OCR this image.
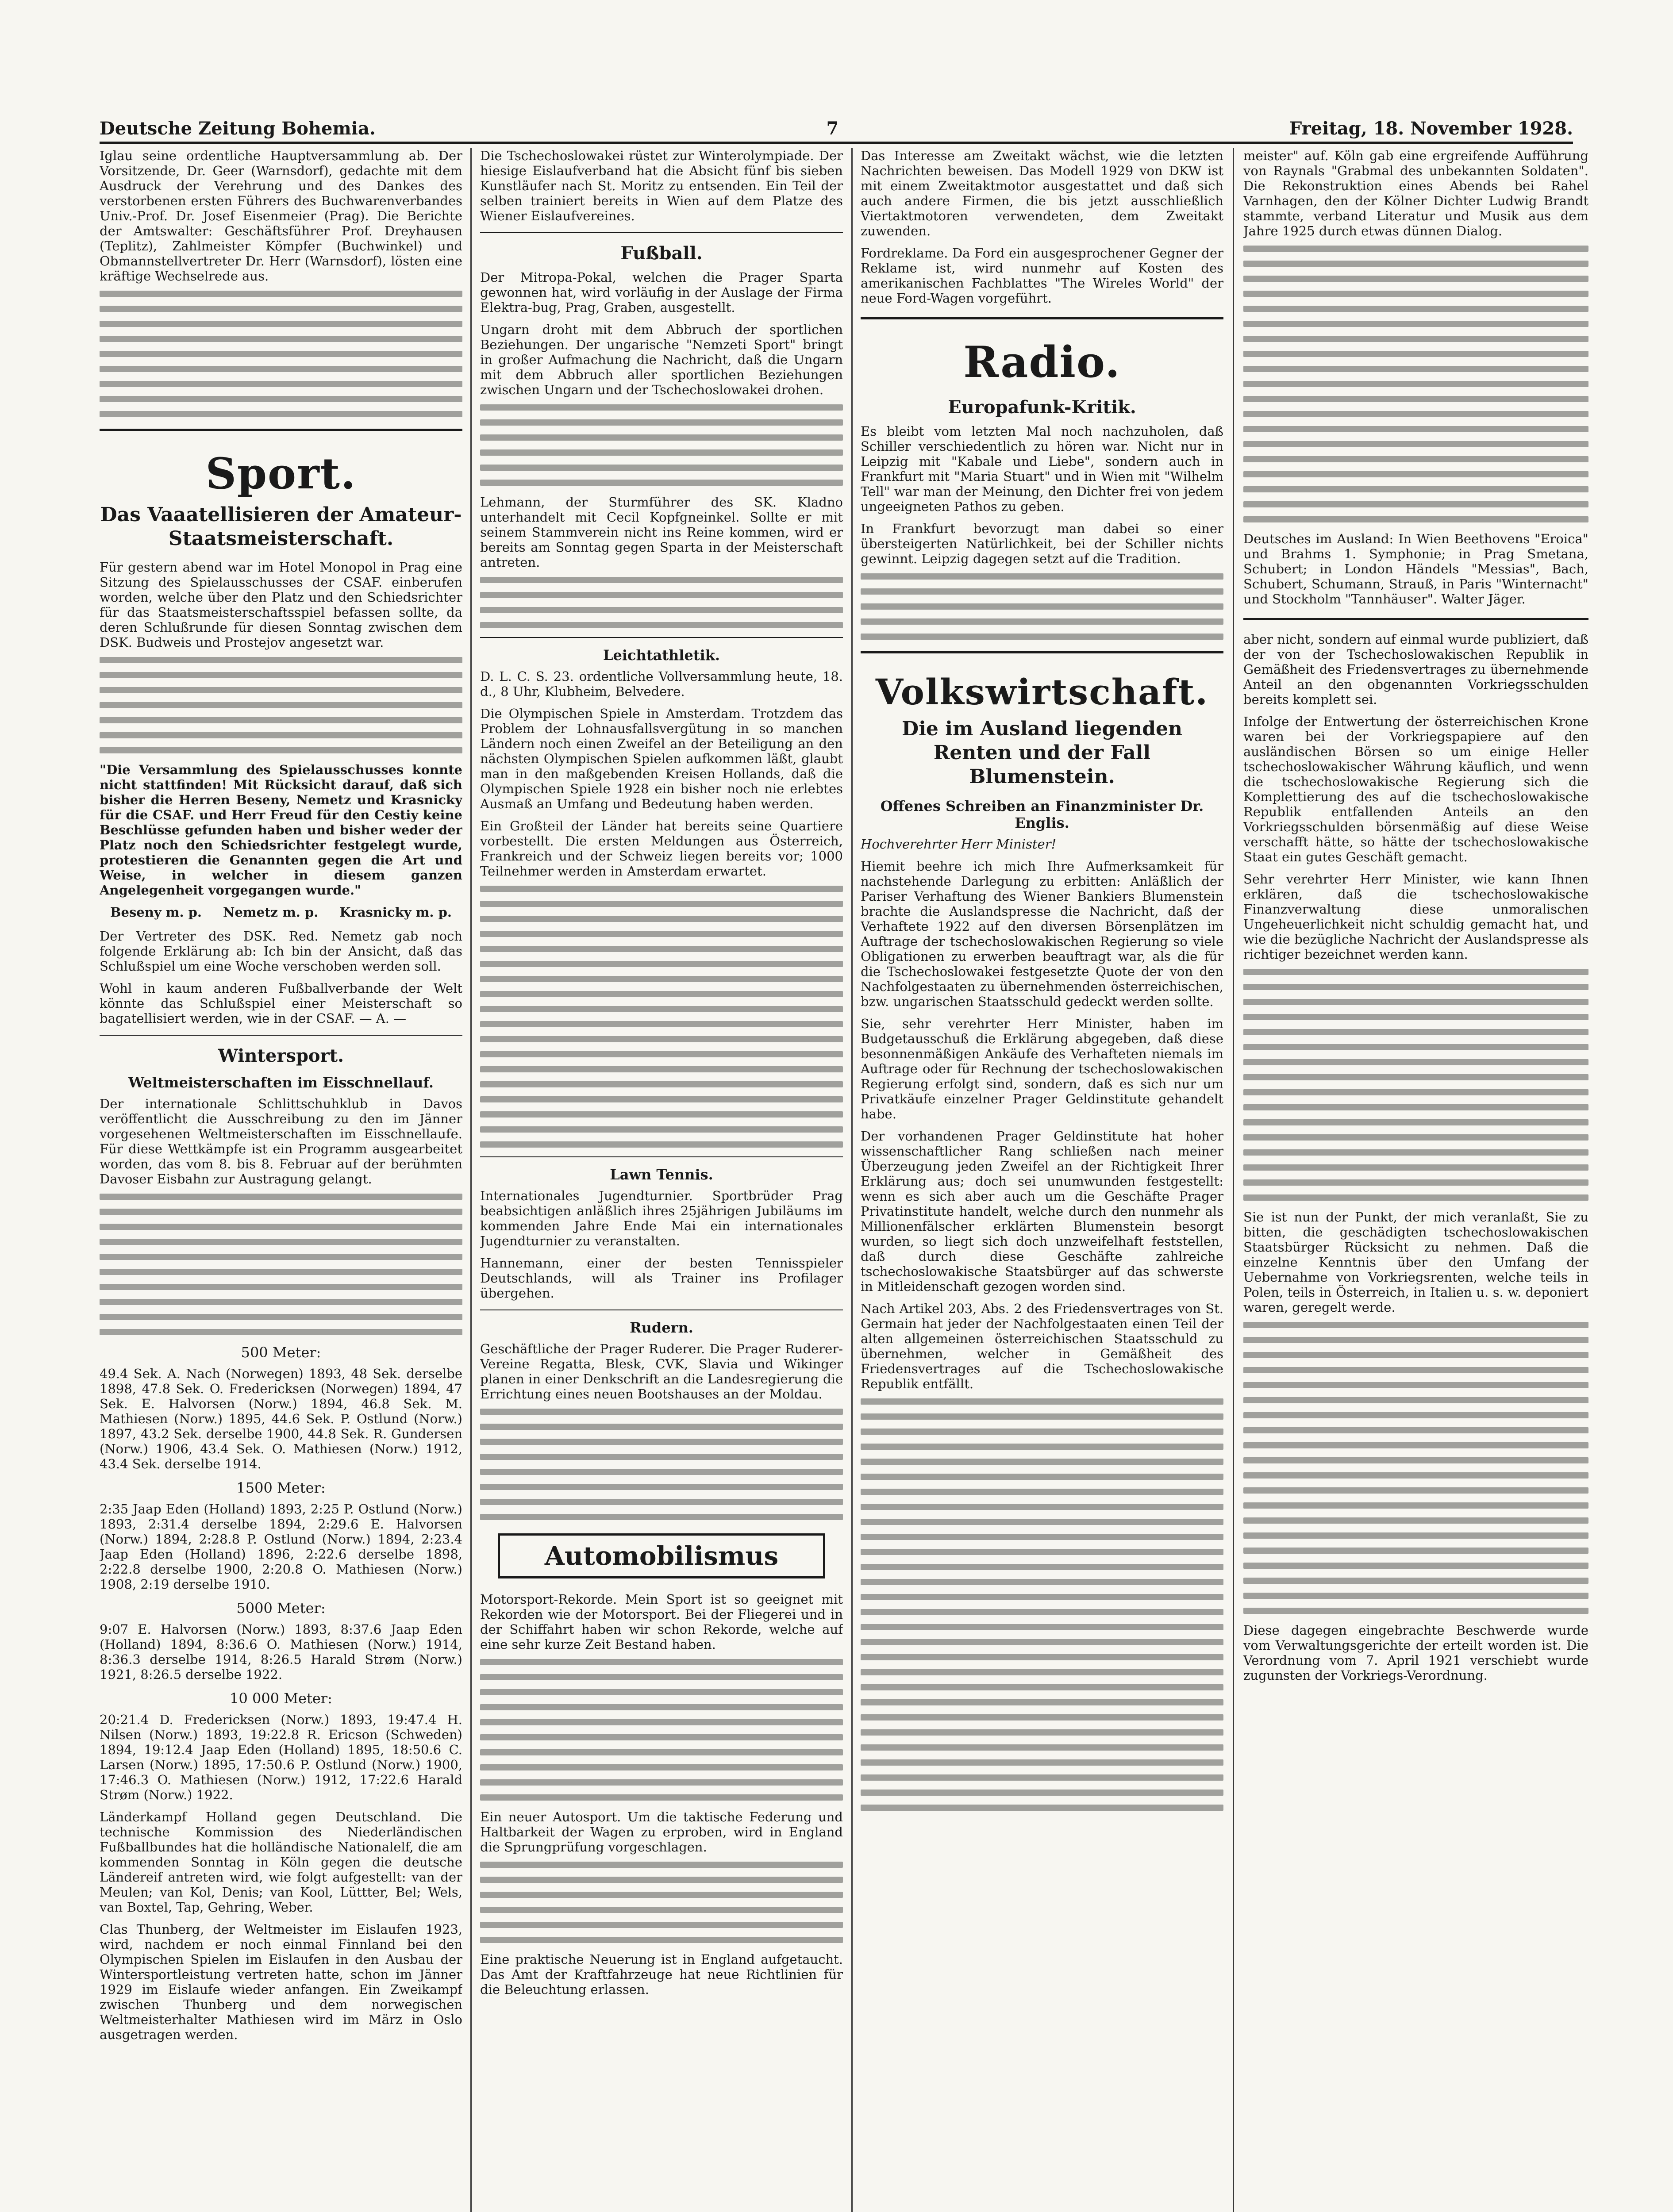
Deutsche Zeitung Bohemia.	7	Freitag, 18. November 1928.

Iglau seine ordentliche Hauptversammlung ab. Der Vorsitzende, Dr. Geer (Warnsdorf), gedachte mit dem Ausdruck der Verehrung und des Dankes des verstorbenen ersten Führers des Buchwarenverbandes Univ.-Prof. Dr. Josef Eisenmeier (Prag). Die Berichte der Amtswalter: Geschäftsführer Prof. Dreyhausen (Teplitz), Zahlmeister Kömpfer (Buchwinkel) und Obmannstellvertreter Dr. Herr (Warnsdorf), lösten eine kräftige Wechselrede aus.

Sport.
Das Vaaatellisieren der Amateur-Staatsmeisterschaft.

Für gestern abend war im Hotel Monopol in Prag eine Sitzung des Spielausschusses der CSAF. einberufen worden, welche über den Platz und den Schiedsrichter für das Staatsmeisterschaftsspiel befassen sollte, da deren Schlußrunde für diesen Sonntag zwischen dem DSK. Budweis und Prostejov angesetzt war.

"Die Versammlung des Spielausschusses konnte nicht stattfinden! Mit Rücksicht darauf, daß sich bisher die Herren Beseny, Nemetz und Krasnicky für die CSAF. und Herr Freud für den Cestiy keine Beschlüsse gefunden haben und bisher weder der Platz noch den Schiedsrichter festgelegt wurde, protestieren die Genannten gegen die Art und Weise, in welcher in diesem ganzen Angelegenheit vorgegangen wurde."

Beseny m. p. Nemetz m. p. Krasnicky m. p.

Der Vertreter des DSK. Red. Nemetz gab noch folgende Erklärung ab: Ich bin der Ansicht, daß das Schlußspiel um eine Woche verschoben werden soll.

Wohl in kaum anderen Fußballverbande der Welt könnte das Schlußspiel einer Meisterschaft so bagatellisiert werden, wie in der CSAF. — A. —

Wintersport.
Weltmeisterschaften im Eisschnellauf.

Der internationale Schlittschuhklub in Davos veröffentlicht die Ausschreibung zu den im Jänner vorgesehenen Weltmeisterschaften im Eisschnellaufe. Für diese Wettkämpfe ist ein Programm ausgearbeitet worden, das vom 8. bis 8. Februar auf der berühmten Davoser Eisbahn zur Austragung gelangt.

500 Meter:

49.4 Sek. A. Nach (Norwegen) 1893, 48 Sek. derselbe 1898, 47.8 Sek. O. Fredericksen (Norwegen) 1894, 47 Sek. E. Halvorsen (Norw.) 1894, 46.8 Sek. M. Mathiesen (Norw.) 1895, 44.6 Sek. P. Ostlund (Norw.) 1897, 43.2 Sek. derselbe 1900, 44.8 Sek. R. Gundersen (Norw.) 1906, 43.4 Sek. O. Mathiesen (Norw.) 1912, 43.4 Sek. derselbe 1914.

1500 Meter:

2:35 Jaap Eden (Holland) 1893, 2:25 P. Ostlund (Norw.) 1893, 2:31.4 derselbe 1894, 2:29.6 E. Halvorsen (Norw.) 1894, 2:28.8 P. Ostlund (Norw.) 1894, 2:23.4 Jaap Eden (Holland) 1896, 2:22.6 derselbe 1898, 2:22.8 derselbe 1900, 2:20.8 O. Mathiesen (Norw.) 1908, 2:19 derselbe 1910.

5000 Meter:

9:07 E. Halvorsen (Norw.) 1893, 8:37.6 Jaap Eden (Holland) 1894, 8:36.6 O. Mathiesen (Norw.) 1914, 8:36.3 derselbe 1914, 8:26.5 Harald Strøm (Norw.) 1921, 8:26.5 derselbe 1922.

10 000 Meter:

20:21.4 D. Fredericksen (Norw.) 1893, 19:47.4 H. Nilsen (Norw.) 1893, 19:22.8 R. Ericson (Schweden) 1894, 19:12.4 Jaap Eden (Holland) 1895, 18:50.6 C. Larsen (Norw.) 1895, 17:50.6 P. Ostlund (Norw.) 1900, 17:46.3 O. Mathiesen (Norw.) 1912, 17:22.6 Harald Strøm (Norw.) 1922.

Länderkampf Holland gegen Deutschland. Die technische Kommission des Niederländischen Fußballbundes hat die holländische Nationalelf, die am kommenden Sonntag in Köln gegen die deutsche Ländereif antreten wird, wie folgt aufgestellt: van der Meulen; van Kol, Denis; van Kool, Lüttter, Bel; Wels, van Boxtel, Tap, Gehring, Weber.

Clas Thunberg, der Weltmeister im Eislaufen 1923, wird, nachdem er noch einmal Finnland bei den Olympischen Spielen im Eislaufen in den Ausbau der Wintersportleistung vertreten hatte, schon im Jänner 1929 im Eislaufe wieder anfangen. Ein Zweikampf zwischen Thunberg und dem norwegischen Weltmeisterhalter Mathiesen wird im März in Oslo ausgetragen werden.

Die Tschechoslowakei rüstet zur Winterolympiade. Der hiesige Eislaufverband hat die Absicht fünf bis sieben Kunstläufer nach St. Moritz zu entsenden. Ein Teil der selben trainiert bereits in Wien auf dem Platze des Wiener Eislaufvereines.

Fußball.

Der Mitropa-Pokal, welchen die Prager Sparta gewonnen hat, wird vorläufig in der Auslage der Firma Elektra-bug, Prag, Graben, ausgestellt.

Ungarn droht mit dem Abbruch der sportlichen Beziehungen. Der ungarische "Nemzeti Sport" bringt in großer Aufmachung die Nachricht, daß die Ungarn mit dem Abbruch aller sportlichen Beziehungen zwischen Ungarn und der Tschechoslowakei drohen.

Lehmann, der Sturmführer des SK. Kladno unterhandelt mit Cecil Kopfgneinkel. Sollte er mit seinem Stammverein nicht ins Reine kommen, wird er bereits am Sonntag gegen Sparta in der Meisterschaft antreten.

Leichtathletik.

D. L. C. S. 23. ordentliche Vollversammlung heute, 18. d., 8 Uhr, Klubheim, Belvedere.

Die Olympischen Spiele in Amsterdam. Trotzdem das Problem der Lohnausfallsvergütung in so manchen Ländern noch einen Zweifel an der Beteiligung an den nächsten Olympischen Spielen aufkommen läßt, glaubt man in den maßgebenden Kreisen Hollands, daß die Olympischen Spiele 1928 ein bisher noch nie erlebtes Ausmaß an Umfang und Bedeutung haben werden.

Ein Großteil der Länder hat bereits seine Quartiere vorbestellt. Die ersten Meldungen aus Österreich, Frankreich und der Schweiz liegen bereits vor; 1000 Teilnehmer werden in Amsterdam erwartet.

Lawn Tennis.

Internationales Jugendturnier. Sportbrüder Prag beabsichtigen anläßlich ihres 25jährigen Jubiläums im kommenden Jahre Ende Mai ein internationales Jugendturnier zu veranstalten.

Hannemann, einer der besten Tennisspieler Deutschlands, will als Trainer ins Profilager übergehen.

Rudern.

Geschäftliche der Prager Ruderer. Die Prager Ruderer-Vereine Regatta, Blesk, CVK, Slavia und Wikinger planen in einer Denkschrift an die Landesregierung die Errichtung eines neuen Bootshauses an der Moldau.

Automobilismus

Motorsport-Rekorde. Mein Sport ist so geeignet mit Rekorden wie der Motorsport. Bei der Fliegerei und in der Schiffahrt haben wir schon Rekorde, welche auf eine sehr kurze Zeit Bestand haben.

Ein neuer Autosport. Um die taktische Federung und Haltbarkeit der Wagen zu erproben, wird in England die Sprungprüfung vorgeschlagen.

Eine praktische Neuerung ist in England aufgetaucht. Das Amt der Kraftfahrzeuge hat neue Richtlinien für die Beleuchtung erlassen.

Das Interesse am Zweitakt wächst, wie die letzten Nachrichten beweisen. Das Modell 1929 von DKW ist mit einem Zweitaktmotor ausgestattet und daß sich auch andere Firmen, die bis jetzt ausschließlich Viertaktmotoren verwendeten, dem Zweitakt zuwenden.

Fordreklame. Da Ford ein ausgesprochener Gegner der Reklame ist, wird nunmehr auf Kosten des amerikanischen Fachblattes "The Wireles World" der neue Ford-Wagen vorgeführt.

Radio.
Europafunk-Kritik.

Es bleibt vom letzten Mal noch nachzuholen, daß Schiller verschiedentlich zu hören war. Nicht nur in Leipzig mit "Kabale und Liebe", sondern auch in Frankfurt mit "Maria Stuart" und in Wien mit "Wilhelm Tell" war man der Meinung, den Dichter frei von jedem ungeeigneten Pathos zu geben.

In Frankfurt bevorzugt man dabei so einer übersteigerten Natürlichkeit, bei der Schiller nichts gewinnt. Leipzig dagegen setzt auf die Tradition.

Volkswirtschaft.
Die im Ausland liegenden Renten und der Fall Blumenstein.
Offenes Schreiben an Finanzminister Dr. Englis.

Hochverehrter Herr Minister!

Hiemit beehre ich mich Ihre Aufmerksamkeit für nachstehende Darlegung zu erbitten: Anläßlich der Pariser Verhaftung des Wiener Bankiers Blumenstein brachte die Auslandspresse die Nachricht, daß der Verhaftete 1922 auf den diversen Börsenplätzen im Auftrage der tschechoslowakischen Regierung so viele Obligationen zu erwerben beauftragt war, als die für die Tschechoslowakei festgesetzte Quote der von den Nachfolgestaaten zu übernehmenden österreichischen, bzw. ungarischen Staatsschuld gedeckt werden sollte.

Sie, sehr verehrter Herr Minister, haben im Budgetausschuß die Erklärung abgegeben, daß diese besonnenmäßigen Ankäufe des Verhafteten niemals im Auftrage oder für Rechnung der tschechoslowakischen Regierung erfolgt sind, sondern, daß es sich nur um Privatkäufe einzelner Prager Geldinstitute gehandelt habe.

Der vorhandenen Prager Geldinstitute hat hoher wissenschaftlicher Rang schließen nach meiner Überzeugung jeden Zweifel an der Richtigkeit Ihrer Erklärung aus; doch sei unumwunden festgestellt: wenn es sich aber auch um die Geschäfte Prager Privatinstitute handelt, welche durch den nunmehr als Millionenfälscher erklärten Blumenstein besorgt wurden, so liegt sich doch unzweifelhaft feststellen, daß durch diese Geschäfte zahlreiche tschechoslowakische Staatsbürger auf das schwerste in Mitleidenschaft gezogen worden sind.

Nach Artikel 203, Abs. 2 des Friedensvertrages von St. Germain hat jeder der Nachfolgestaaten einen Teil der alten allgemeinen österreichischen Staatsschuld zu übernehmen, welcher in Gemäßheit des Friedensvertrages auf die Tschechoslowakische Republik entfällt.

meister" auf. Köln gab eine ergreifende Aufführung von Raynals "Grabmal des unbekannten Soldaten". Die Rekonstruktion eines Abends bei Rahel Varnhagen, den der Kölner Dichter Ludwig Brandt stammte, verband Literatur und Musik aus dem Jahre 1925 durch etwas dünnen Dialog.

Deutsches im Ausland: In Wien Beethovens "Eroica" und Brahms 1. Symphonie; in Prag Smetana, Schubert; in London Händels "Messias", Bach, Schubert, Schumann, Strauß, in Paris "Winternacht" und Stockholm "Tannhäuser". Walter Jäger.

aber nicht, sondern auf einmal wurde publiziert, daß der von der Tschechoslowakischen Republik in Gemäßheit des Friedensvertrages zu übernehmende Anteil an den obgenannten Vorkriegsschulden bereits komplett sei.

Infolge der Entwertung der österreichischen Krone waren bei der Vorkriegspapiere auf den ausländischen Börsen so um einige Heller tschechoslowakischer Währung käuflich, und wenn die tschechoslowakische Regierung sich die Komplettierung des auf die tschechoslowakische Republik entfallenden Anteils an den Vorkriegsschulden börsenmäßig auf diese Weise verschafft hätte, so hätte der tschechoslowakische Staat ein gutes Geschäft gemacht.

Sehr verehrter Herr Minister, wie kann Ihnen erklären, daß die tschechoslowakische Finanzverwaltung diese unmoralischen Ungeheuerlichkeit nicht schuldig gemacht hat, und wie die bezügliche Nachricht der Auslandspresse als richtiger bezeichnet werden kann.

Sie ist nun der Punkt, der mich veranlaßt, Sie zu bitten, die geschädigten tschechoslowakischen Staatsbürger Rücksicht zu nehmen. Daß die einzelne Kenntnis über den Umfang der Uebernahme von Vorkriegsrenten, welche teils in Polen, teils in Österreich, in Italien u. s. w. deponiert waren, geregelt werde.

Diese dagegen eingebrachte Beschwerde wurde vom Verwaltungsgerichte der erteilt worden ist. Die Verordnung vom 7. April 1921 verschiebt wurde zugunsten der Vorkriegs-Verordnung.
